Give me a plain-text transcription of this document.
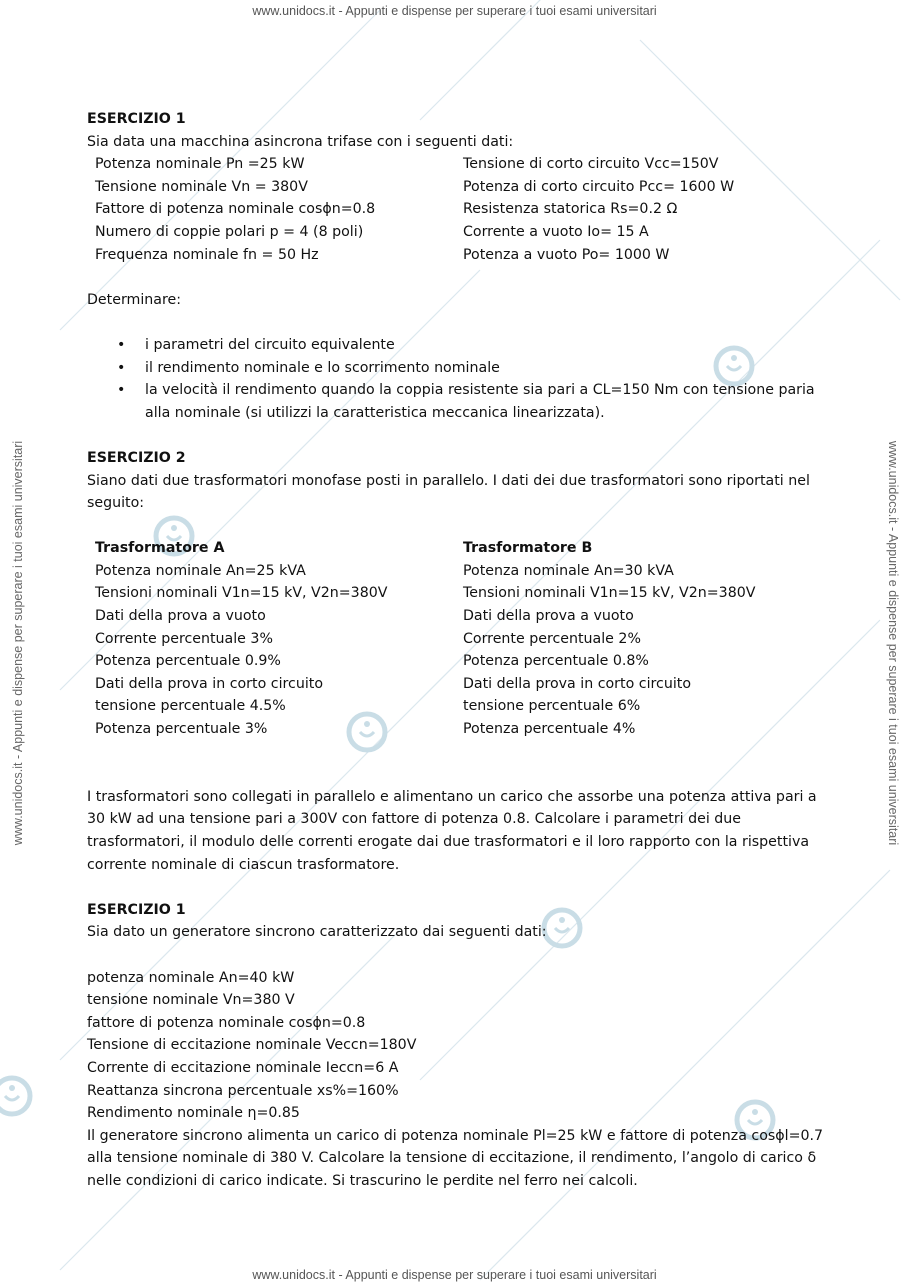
www.unidocs.it - Appunti e dispense per superare i tuoi esami universitari
www.unidocs.it - Appunti e dispense per superare i tuoi esami universitari
www.unidocs.it - Appunti e dispense per superare i tuoi esami universitari	www.unidocs.it - Appunti e dispense per superare i tuoi esami universitari
ESERCIZIO 1
Sia data una macchina asincrona trifase con i seguenti dati:
Potenza nominale Pn =25 kW	Tensione di corto circuito Vcc=150V
Tensione nominale Vn = 380V	Potenza di corto circuito Pcc= 1600 W
Fattore di potenza nominale cosϕn=0.8	Resistenza statorica Rs=0.2 Ω
Numero di coppie polari p = 4 (8 poli)	Corrente a vuoto Io= 15 A
Frequenza nominale fn = 50 Hz	Potenza a vuoto Po= 1000 W
Determinare:
• i parametri del circuito equivalente
• il rendimento nominale e lo scorrimento nominale
• la velocità il rendimento quando la coppia resistente sia pari a CL=150 Nm con tensione paria alla nominale (si utilizzi la caratteristica meccanica linearizzata).
ESERCIZIO 2
Siano dati due trasformatori monofase posti in parallelo. I dati dei due trasformatori sono riportati nel seguito:
Trasformatore A	Trasformatore B
Potenza nominale An=25 kVA	Potenza nominale An=30 kVA
Tensioni nominali V1n=15 kV, V2n=380V	Tensioni nominali V1n=15 kV, V2n=380V
Dati della prova a vuoto	Dati della prova a vuoto
Corrente percentuale 3%	Corrente percentuale 2%
Potenza percentuale 0.9%	Potenza percentuale 0.8%
Dati della prova in corto circuito	Dati della prova in corto circuito
tensione percentuale 4.5%	tensione percentuale 6%
Potenza percentuale 3%	Potenza percentuale 4%
I trasformatori sono collegati in parallelo e alimentano un carico che assorbe una potenza attiva pari a 30 kW ad una tensione pari a 300V con fattore di potenza 0.8. Calcolare i parametri dei due trasformatori, il modulo delle correnti erogate dai due trasformatori e il loro rapporto con la rispettiva corrente nominale di ciascun trasformatore.
ESERCIZIO 1
Sia dato un generatore sincrono caratterizzato dai seguenti dati:
potenza nominale An=40 kW
tensione nominale Vn=380 V
fattore di potenza nominale cosϕn=0.8
Tensione di eccitazione nominale Veccn=180V
Corrente di eccitazione nominale Ieccn=6 A
Reattanza sincrona percentuale xs%=160%
Rendimento nominale η=0.85
Il generatore sincrono alimenta un carico di potenza nominale Pl=25 kW e fattore di potenza cosϕl=0.7 alla tensione nominale di 380 V. Calcolare la tensione di eccitazione, il rendimento, l’angolo di carico δ nelle condizioni di carico indicate. Si trascurino le perdite nel ferro nei calcoli.
